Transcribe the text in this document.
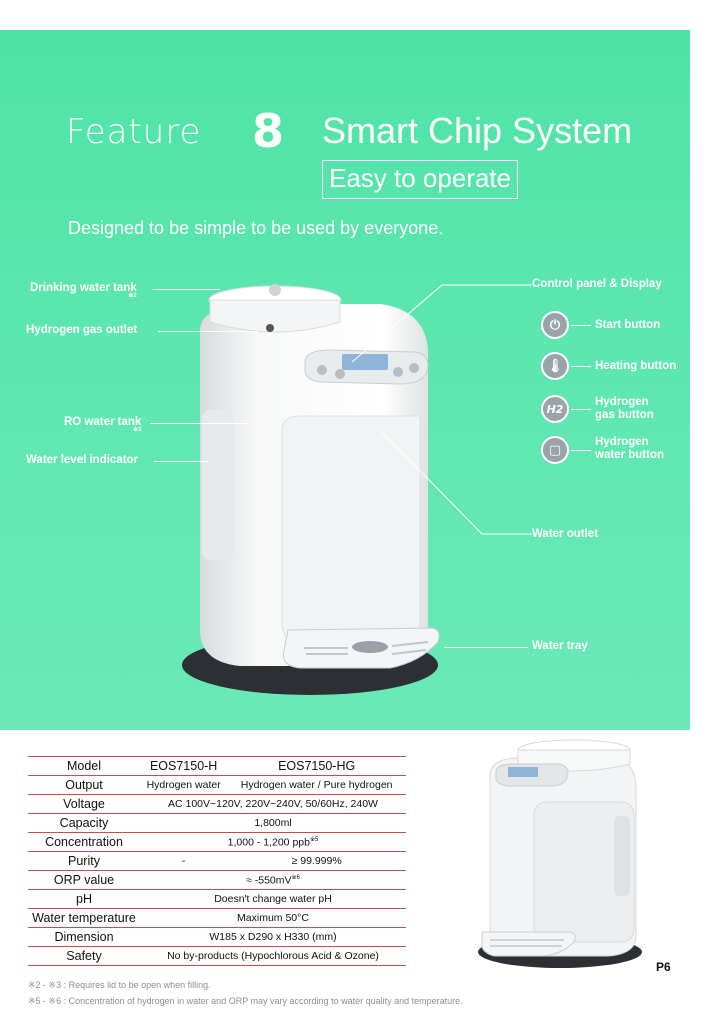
Feature 8 Smart Chip System
Easy to operate
Designed to be simple to be used by everyone.
Drinking water tank
※2
Hydrogen gas outlet
RO water tank
※3
Water level indicator
Control panel & Display
⏻	Start button
🌡	Heating button
H2
Hydrogen gas button
▢
Hydrogen water button
Water outlet
Water tray
Model	EOS7150-H	EOS7150-HG
Output	Hydrogen water	Hydrogen water / Pure hydrogen
Voltage	AC 100V~120V, 220V~240V, 50/60Hz, 240W	
Capacity	1,800ml	
Concentration	1,000 - 1,200 ppb$^{※5}$
Purity	-	≥ 99.999%
ORP value	≈ $-550mV^{※6}$
pH	Doesn't change water pH	
Water temperature	Maximum 50°C	
Dimension	W185 x D290 x H330 (mm)	
Safety	No by-products (Hypochlorous Acid & Ozone)	
P6
※2 - ※3 : Requires lid to be open when filling.
※5 - ※6 : Concentration of hydrogen in water and ORP may vary according to water quality and temperature.
